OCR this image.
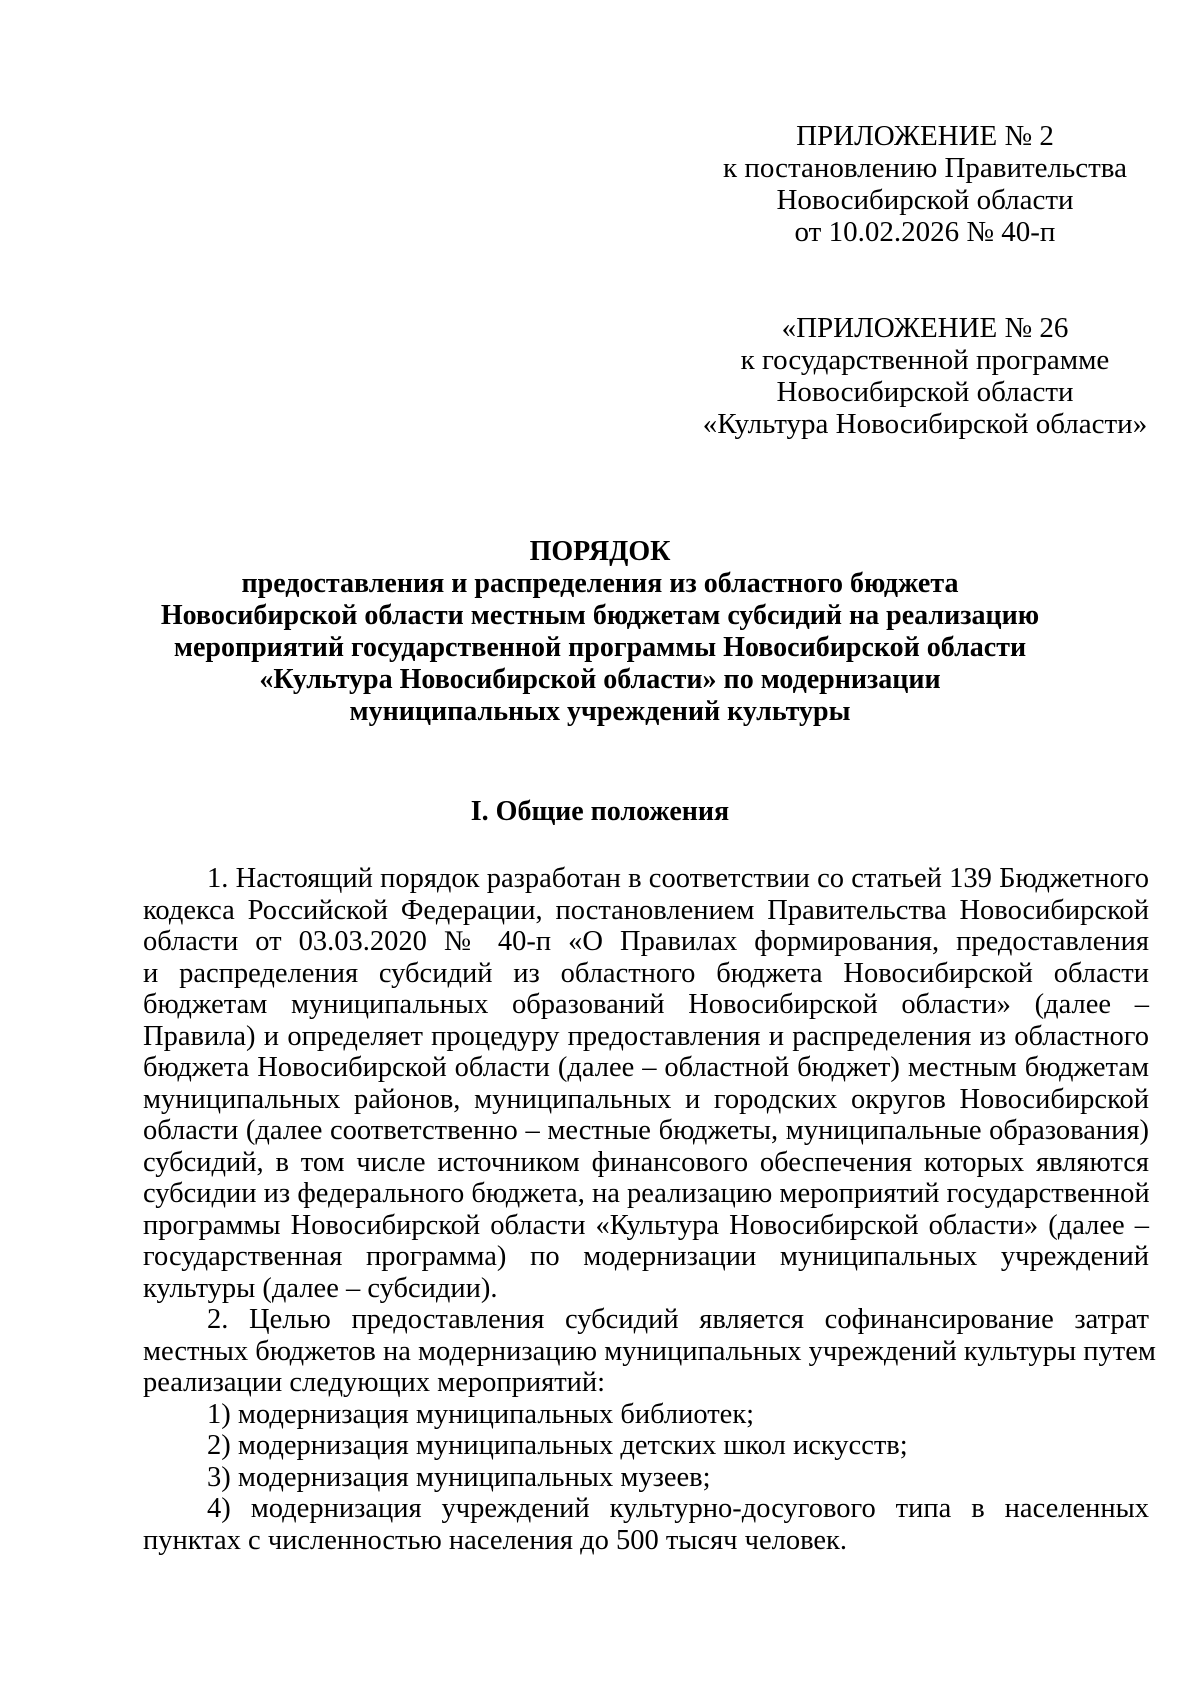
ПРИЛОЖЕНИЕ № 2
к постановлению Правительства
Новосибирской области
от 10.02.2026 № 40-п
«ПРИЛОЖЕНИЕ № 26
к государственной программе
Новосибирской области
«Культура Новосибирской области»
ПОРЯДОК
предоставления и распределения из областного бюджета
Новосибирской области местным бюджетам субсидий на реализацию
мероприятий государственной программы Новосибирской области
«Культура Новосибирской области» по модернизации
муниципальных учреждений культуры
I. Общие положения
1. Настоящий порядок разработан в соответствии со статьей 139 Бюджетного
кодекса Российской Федерации, постановлением Правительства Новосибирской
области от 03.03.2020 № 40-п «О Правилах формирования, предоставления
и распределения субсидий из областного бюджета Новосибирской области
бюджетам муниципальных образований Новосибирской области» (далее –
Правила) и определяет процедуру предоставления и распределения из областного
бюджета Новосибирской области (далее – областной бюджет) местным бюджетам
муниципальных районов, муниципальных и городских округов Новосибирской
области (далее соответственно – местные бюджеты, муниципальные образования)
субсидий, в том числе источником финансового обеспечения которых являются
субсидии из федерального бюджета, на реализацию мероприятий государственной
программы Новосибирской области «Культура Новосибирской области» (далее –
государственная программа) по модернизации муниципальных учреждений
культуры (далее – субсидии).
2. Целью предоставления субсидий является софинансирование затрат
местных бюджетов на модернизацию муниципальных учреждений культуры путем
реализации следующих мероприятий:
1) модернизация муниципальных библиотек;
2) модернизация муниципальных детских школ искусств;
3) модернизация муниципальных музеев;
4) модернизация учреждений культурно-досугового типа в населенных
пунктах с численностью населения до 500 тысяч человек.
